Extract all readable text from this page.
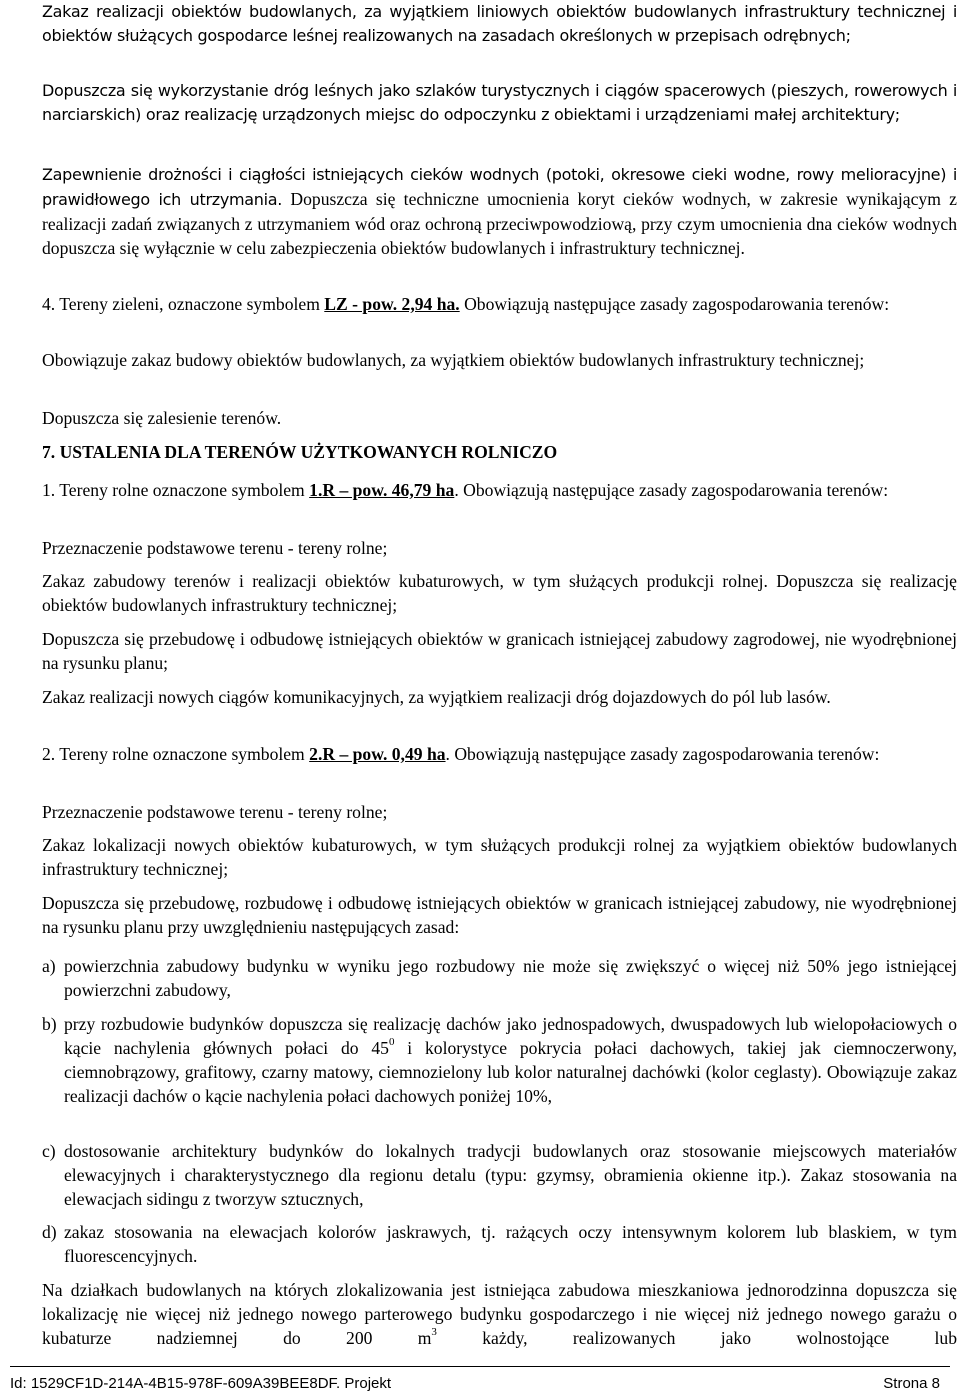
Zakaz realizacji obiektów budowlanych, za wyjątkiem liniowych obiektów budowlanych infrastruktury technicznej i obiektów służących gospodarce leśnej realizowanych na zasadach określonych w przepisach odrębnych;
Dopuszcza się wykorzystanie dróg leśnych jako szlaków turystycznych i ciągów spacerowych (pieszych, rowerowych i narciarskich) oraz realizację urządzonych miejsc do odpoczynku z obiektami i urządzeniami małej architektury;
Zapewnienie drożności i ciągłości istniejących cieków wodnych (potoki, okresowe cieki wodne, rowy melioracyjne) i prawidłowego ich utrzymania. Dopuszcza się techniczne umocnienia koryt cieków wodnych, w zakresie wynikającym z realizacji zadań związanych z utrzymaniem wód oraz ochroną przeciwpowodziową, przy czym umocnienia dna cieków wodnych dopuszcza się wyłącznie w celu zabezpieczenia obiektów budowlanych i infrastruktury technicznej.
4. Tereny zieleni, oznaczone symbolem LZ - pow. 2,94 ha. Obowiązują następujące zasady zagospodarowania terenów:
Obowiązuje zakaz budowy obiektów budowlanych, za wyjątkiem obiektów budowlanych infrastruktury technicznej;
Dopuszcza się zalesienie terenów.
7. USTALENIA DLA TERENÓW UŻYTKOWANYCH ROLNICZO
1. Tereny rolne oznaczone symbolem 1.R – pow. 46,79 ha. Obowiązują następujące zasady zagospodarowania terenów:
Przeznaczenie podstawowe terenu - tereny rolne;
Zakaz zabudowy terenów i realizacji obiektów kubaturowych, w tym służących produkcji rolnej. Dopuszcza się realizację obiektów budowlanych infrastruktury technicznej;
Dopuszcza się przebudowę i odbudowę istniejących obiektów w granicach istniejącej zabudowy zagrodowej, nie wyodrębnionej na rysunku planu;
Zakaz realizacji nowych ciągów komunikacyjnych, za wyjątkiem realizacji dróg dojazdowych do pól lub lasów.
2. Tereny rolne oznaczone symbolem 2.R – pow. 0,49 ha. Obowiązują następujące zasady zagospodarowania terenów:
Przeznaczenie podstawowe terenu - tereny rolne;
Zakaz lokalizacji nowych obiektów kubaturowych, w tym służących produkcji rolnej za wyjątkiem obiektów budowlanych infrastruktury technicznej;
Dopuszcza się przebudowę, rozbudowę i odbudowę istniejących obiektów w granicach istniejącej zabudowy, nie wyodrębnionej na rysunku planu przy uwzględnieniu następujących zasad:
a) powierzchnia zabudowy budynku w wyniku jego rozbudowy nie może się zwiększyć o więcej niż 50% jego istniejącej powierzchni zabudowy,
b) przy rozbudowie budynków dopuszcza się realizację dachów jako jednospadowych, dwuspadowych lub wielopołaciowych o kącie nachylenia głównych połaci do $45^0$ i kolorystyce pokrycia połaci dachowych, takiej jak ciemnoczerwony, ciemnobrązowy, grafitowy, czarny matowy, ciemnozielony lub kolor naturalnej dachówki (kolor ceglasty). Obowiązuje zakaz realizacji dachów o kącie nachylenia połaci dachowych poniżej 10%,
c) dostosowanie architektury budynków do lokalnych tradycji budowlanych oraz stosowanie miejscowych materiałów elewacyjnych i charakterystycznego dla regionu detalu (typu: gzymsy, obramienia okienne itp.). Zakaz stosowania na elewacjach sidingu z tworzyw sztucznych,
d) zakaz stosowania na elewacjach kolorów jaskrawych, tj. rażących oczy intensywnym kolorem lub blaskiem, w tym fluorescencyjnych.
Na działkach budowlanych na których zlokalizowania jest istniejąca zabudowa mieszkaniowa jednorodzinna dopuszcza się lokalizację nie więcej niż jednego nowego parterowego budynku gospodarczego i nie więcej niż jednego nowego garażu o kubaturze nadziemnej do 200 $m^3$ każdy, realizowanych jako wolnostojące lub
Id: 1529CF1D-214A-4B15-978F-609A39BEE8DF. Projekt	Strona 8
